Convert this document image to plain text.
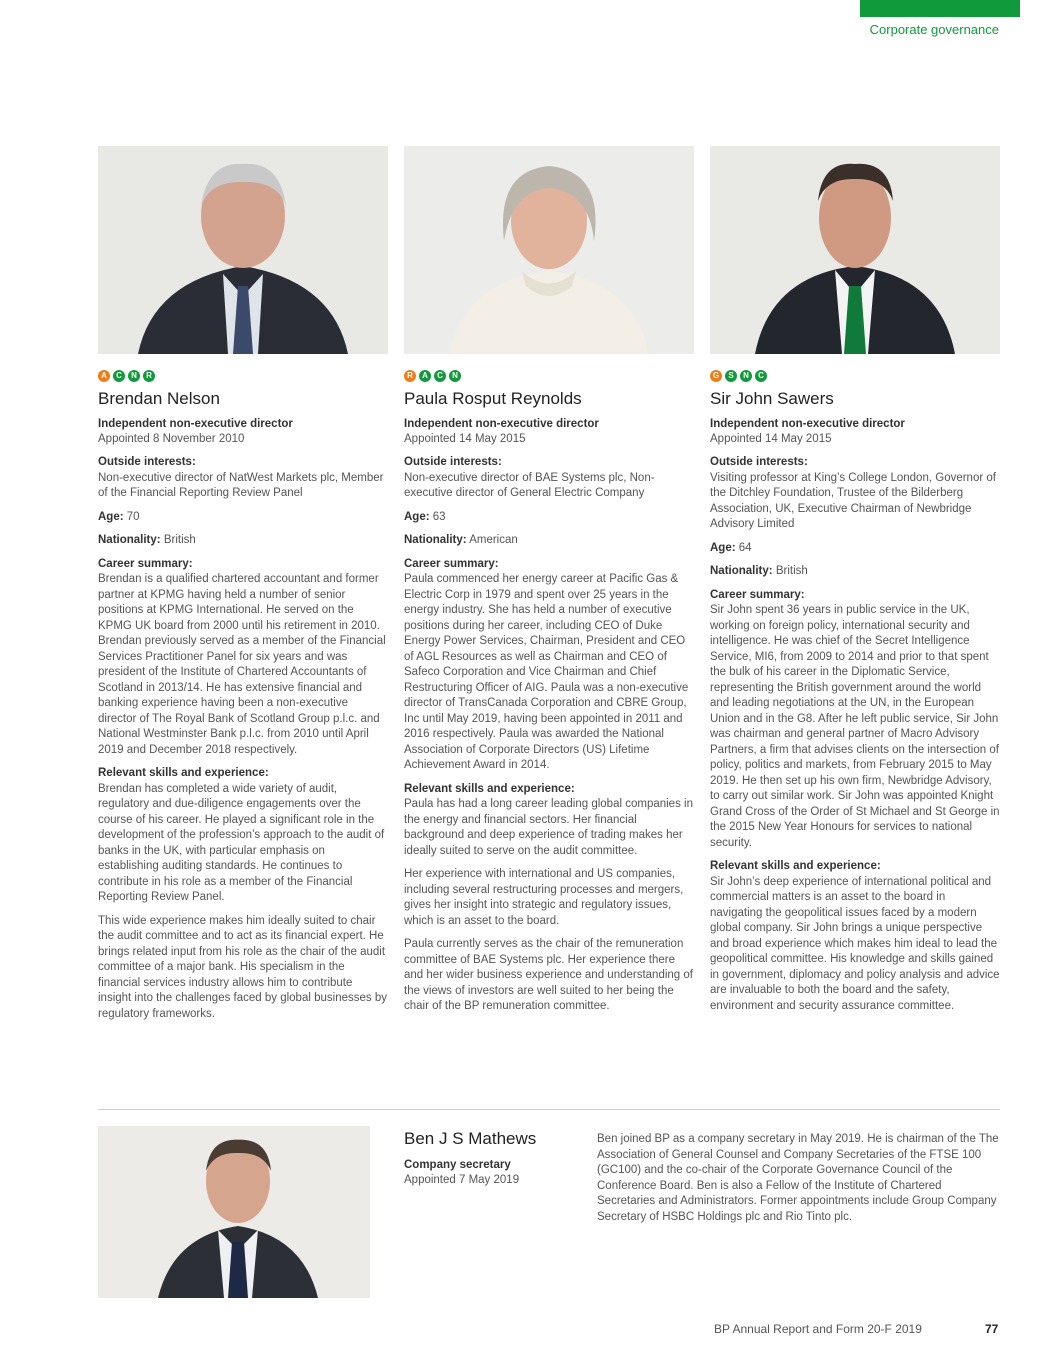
Corporate governance
A	C	N	R
Brendan Nelson
Independent non-executive director
Appointed 8 November 2010
Outside interests:

Non-executive director of NatWest Markets plc, Member of the Financial Reporting Review Panel

Age: 70

Nationality: British

Career summary:

Brendan is a qualified chartered accountant and former partner at KPMG having held a number of senior positions at KPMG International. He served on the KPMG UK board from 2000 until his retirement in 2010. Brendan previously served as a member of the Financial Services Practitioner Panel for six years and was president of the Institute of Chartered Accountants of Scotland in 2013/14. He has extensive financial and banking experience having been a non-executive director of The Royal Bank of Scotland Group p.l.c. and National Westminster Bank p.l.c. from 2010 until April 2019 and December 2018 respectively.

Relevant skills and experience:

Brendan has completed a wide variety of audit, regulatory and due-diligence engagements over the course of his career. He played a significant role in the development of the profession’s approach to the audit of banks in the UK, with particular emphasis on establishing auditing standards. He continues to contribute in his role as a member of the Financial Reporting Review Panel.

This wide experience makes him ideally suited to chair the audit committee and to act as its financial expert. He brings related input from his role as the chair of the audit committee of a major bank. His specialism in the financial services industry allows him to contribute insight into the challenges faced by global businesses by regulatory frameworks.

R	A	C	N
Paula Rosput Reynolds
Independent non-executive director
Appointed 14 May 2015
Outside interests:

Non-executive director of BAE Systems plc, Non-executive director of General Electric Company

Age: 63

Nationality: American

Career summary:

Paula commenced her energy career at Pacific Gas & Electric Corp in 1979 and spent over 25 years in the energy industry. She has held a number of executive positions during her career, including CEO of Duke Energy Power Services, Chairman, President and CEO of AGL Resources as well as Chairman and CEO of Safeco Corporation and Vice Chairman and Chief Restructuring Officer of AIG. Paula was a non-executive director of TransCanada Corporation and CBRE Group, Inc until May 2019, having been appointed in 2011 and 2016 respectively. Paula was awarded the National Association of Corporate Directors (US) Lifetime Achievement Award in 2014.

Relevant skills and experience:

Paula has had a long career leading global companies in the energy and financial sectors. Her financial background and deep experience of trading makes her ideally suited to serve on the audit committee.

Her experience with international and US companies, including several restructuring processes and mergers, gives her insight into strategic and regulatory issues, which is an asset to the board.

Paula currently serves as the chair of the remuneration committee of BAE Systems plc. Her experience there and her wider business experience and understanding of the views of investors are well suited to her being the chair of the BP remuneration committee.

G	S	N	C
Sir John Sawers
Independent non-executive director
Appointed 14 May 2015
Outside interests:

Visiting professor at King’s College London, Governor of the Ditchley Foundation, Trustee of the Bilderberg Association, UK, Executive Chairman of Newbridge Advisory Limited

Age: 64

Nationality: British

Career summary:

Sir John spent 36 years in public service in the UK, working on foreign policy, international security and intelligence. He was chief of the Secret Intelligence Service, MI6, from 2009 to 2014 and prior to that spent the bulk of his career in the Diplomatic Service, representing the British government around the world and leading negotiations at the UN, in the European Union and in the G8. After he left public service, Sir John was chairman and general partner of Macro Advisory Partners, a firm that advises clients on the intersection of policy, politics and markets, from February 2015 to May 2019. He then set up his own firm, Newbridge Advisory, to carry out similar work. Sir John was appointed Knight Grand Cross of the Order of St Michael and St George in the 2015 New Year Honours for services to national security.

Relevant skills and experience:

Sir John’s deep experience of international political and commercial matters is an asset to the board in navigating the geopolitical issues faced by a modern global company. Sir John brings a unique perspective and broad experience which makes him ideal to lead the geopolitical committee. His knowledge and skills gained in government, diplomacy and policy analysis and advice are invaluable to both the board and the safety, environment and security assurance committee.

Ben J S Mathews
Company secretary
Appointed 7 May 2019

Ben joined BP as a company secretary in May 2019. He is chairman of the The Association of General Counsel and Company Secretaries of the FTSE 100 (GC100) and the co-chair of the Corporate Governance Council of the Conference Board. Ben is also a Fellow of the Institute of Chartered Secretaries and Administrators. Former appointments include Group Company Secretary of HSBC Holdings plc and Rio Tinto plc.

BP Annual Report and Form 20-F 2019	77
